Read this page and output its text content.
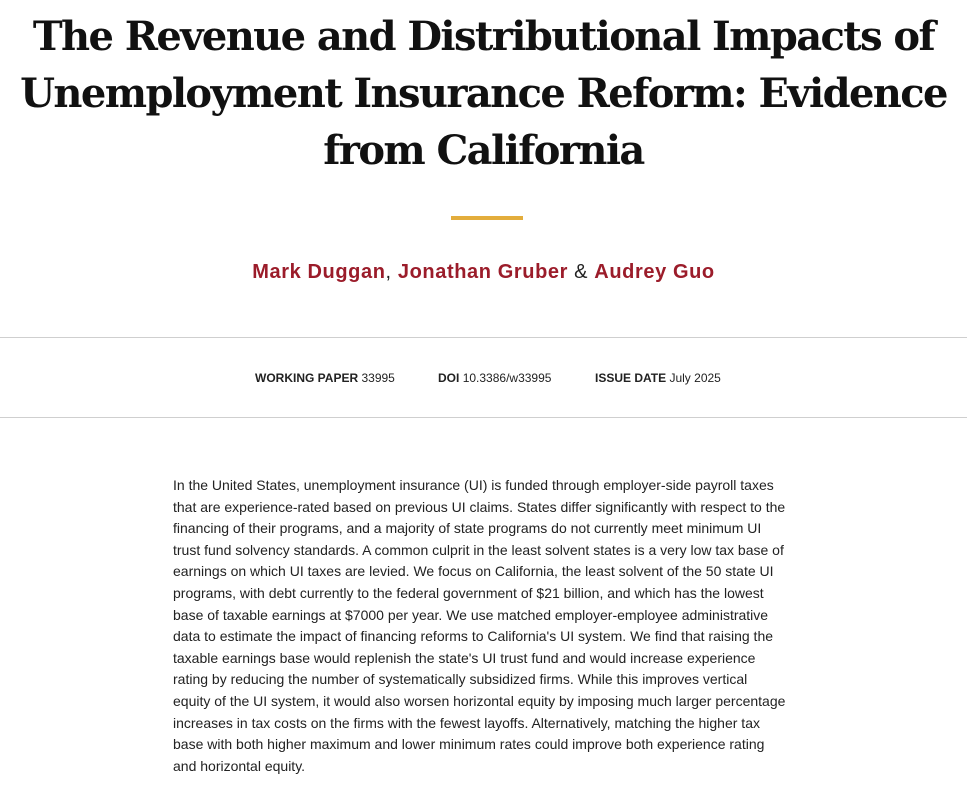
The Revenue and Distributional Impacts of
Unemployment Insurance Reform: Evidence
from California
Mark Duggan, Jonathan Gruber & Audrey Guo
WORKING PAPER 33995	DOI 10.3386/w33995	ISSUE DATE July 2025
In the United States, unemployment insurance (UI) is funded through employer-side payroll taxes
that are experience-rated based on previous UI claims. States differ significantly with respect to the
financing of their programs, and a majority of state programs do not currently meet minimum UI
trust fund solvency standards. A common culprit in the least solvent states is a very low tax base of
earnings on which UI taxes are levied. We focus on California, the least solvent of the 50 state UI
programs, with debt currently to the federal government of $21 billion, and which has the lowest
base of taxable earnings at $7000 per year. We use matched employer-employee administrative
data to estimate the impact of financing reforms to California's UI system. We find that raising the
taxable earnings base would replenish the state's UI trust fund and would increase experience
rating by reducing the number of systematically subsidized firms. While this improves vertical
equity of the UI system, it would also worsen horizontal equity by imposing much larger percentage
increases in tax costs on the firms with the fewest layoffs. Alternatively, matching the higher tax
base with both higher maximum and lower minimum rates could improve both experience rating
and horizontal equity.
